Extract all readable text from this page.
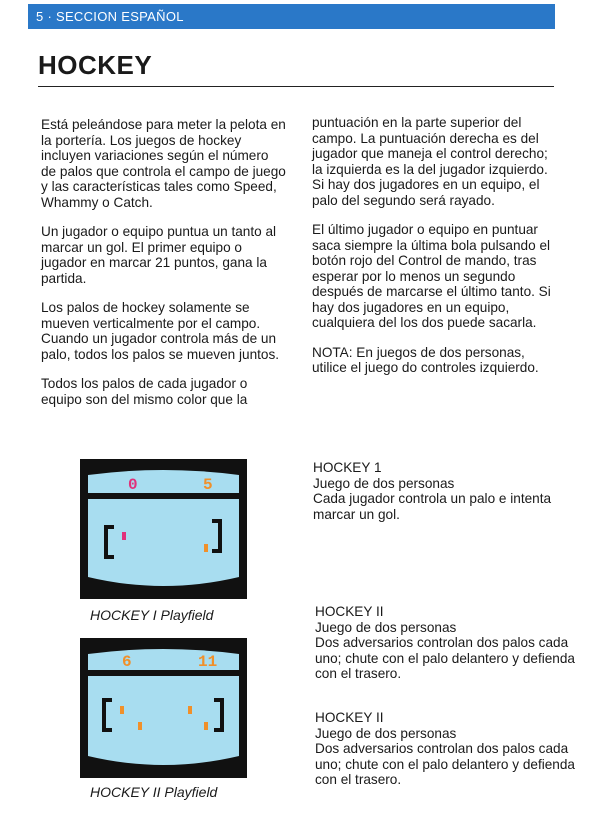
5 · SECCION ESPAÑOL
HOCKEY

Está peleándose para meter la pelota en la portería. Los juegos de hockey incluyen variaciones según el número de palos que controla el campo de juego y las características tales como Speed, Whammy o Catch.

Un jugador o equipo puntua un tanto al marcar un gol. El primer equipo o jugador en marcar 21 puntos, gana la partida.

Los palos de hockey solamente se mueven verticalmente por el campo. Cuando un jugador controla más de un palo, todos los palos se mueven juntos.

Todos los palos de cada jugador o equipo son del mismo color que la

puntuación en la parte superior del campo. La puntuación derecha es del jugador que maneja el control derecho; la izquierda es la del jugador izquierdo. Si hay dos jugadores en un equipo, el palo del segundo será rayado.

El último jugador o equipo en puntuar saca siempre la última bola pulsando el botón rojo del Control de mando, tras esperar por lo menos un segundo después de marcarse el último tanto. Si hay dos jugadores en un equipo, cualquiera del los dos puede sacarla.

NOTA: En juegos de dos personas, utilice el juego do controles izquierdo.

0	5
HOCKEY I Playfield
6	11
HOCKEY II Playfield
HOCKEY 1
Juego de dos personas
Cada jugador controla un palo e intenta marcar un gol.
HOCKEY II
Juego de dos personas
Dos adversarios controlan dos palos cada uno; chute con el palo delantero y defienda con el trasero.
HOCKEY II
Juego de dos personas
Dos adversarios controlan dos palos cada uno; chute con el palo delantero y defienda con el trasero.
